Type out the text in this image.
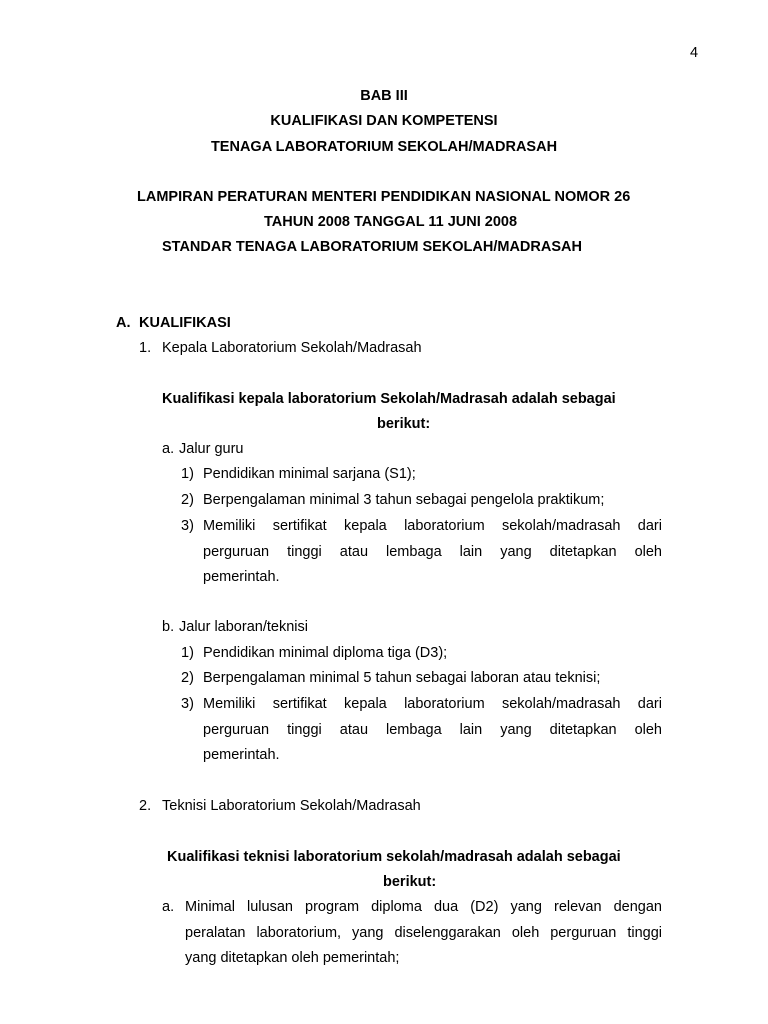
4
BAB III
KUALIFIKASI DAN KOMPETENSI
TENAGA LABORATORIUM SEKOLAH/MADRASAH
LAMPIRAN PERATURAN MENTERI PENDIDIKAN NASIONAL NOMOR 26
TAHUN 2008 TANGGAL 11 JUNI 2008
STANDAR TENAGA LABORATORIUM SEKOLAH/MADRASAH
A. KUALIFIKASI
1. Kepala Laboratorium Sekolah/Madrasah
Kualifikasi kepala laboratorium Sekolah/Madrasah adalah sebagai
berikut:
a. Jalur guru
1) Pendidikan minimal sarjana (S1);
2) Berpengalaman minimal 3 tahun sebagai pengelola praktikum;
3) Memiliki sertifikat kepala laboratorium sekolah/madrasah dari
perguruan tinggi atau lembaga lain yang ditetapkan oleh
pemerintah.
b. Jalur laboran/teknisi
1) Pendidikan minimal diploma tiga (D3);
2) Berpengalaman minimal 5 tahun sebagai laboran atau teknisi;
3) Memiliki sertifikat kepala laboratorium sekolah/madrasah dari
perguruan tinggi atau lembaga lain yang ditetapkan oleh
pemerintah.
2. Teknisi Laboratorium Sekolah/Madrasah
Kualifikasi teknisi laboratorium sekolah/madrasah adalah sebagai
berikut:
a. Minimal lulusan program diploma dua (D2) yang relevan dengan
peralatan laboratorium, yang diselenggarakan oleh perguruan tinggi
yang ditetapkan oleh pemerintah;
